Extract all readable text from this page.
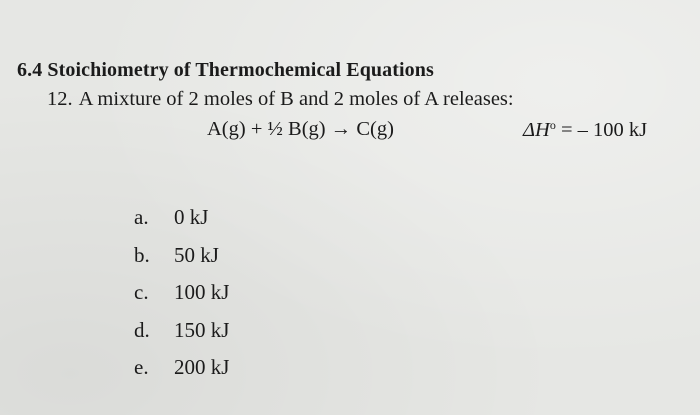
6.4 Stoichiometry of Thermochemical Equations
12. A mixture of 2 moles of B and 2 moles of A releases:
A(g) + ½ B(g) → C(g)	$\Delta H^o$ = – 100 kJ
a.	0 kJ
b.	50 kJ
c.	100 kJ
d.	150 kJ
e.	200 kJ
